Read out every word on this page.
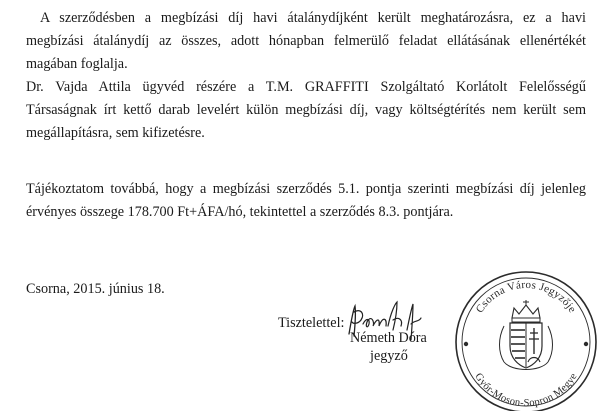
A szerződésben a megbízási díj havi átalánydíjként került meghatározásra, ez a havi
megbízási átalánydíj az összes, adott hónapban felmerülő feladat ellátásának ellenértékét
magában foglalja.
Dr. Vajda Attila ügyvéd részére a T.M. GRAFFITI Szolgáltató Korlátolt Felelősségű
Társaságnak írt kettő darab levelért külön megbízási díj, vagy költségtérítés nem került sem
megállapításra, sem kifizetésre.
Tájékoztatom továbbá, hogy a megbízási szerződés 5.1. pontja szerinti megbízási díj jelenleg
érvényes összege 178.700 Ft+ÁFA/hó, tekintettel a szerződés 8.3. pontjára.
Csorna, 2015. június 18.
Tisztelettel:
Németh Dóra
jegyző
Csorna Város Jegyzője
Győr-Moson-Sopron Megye
